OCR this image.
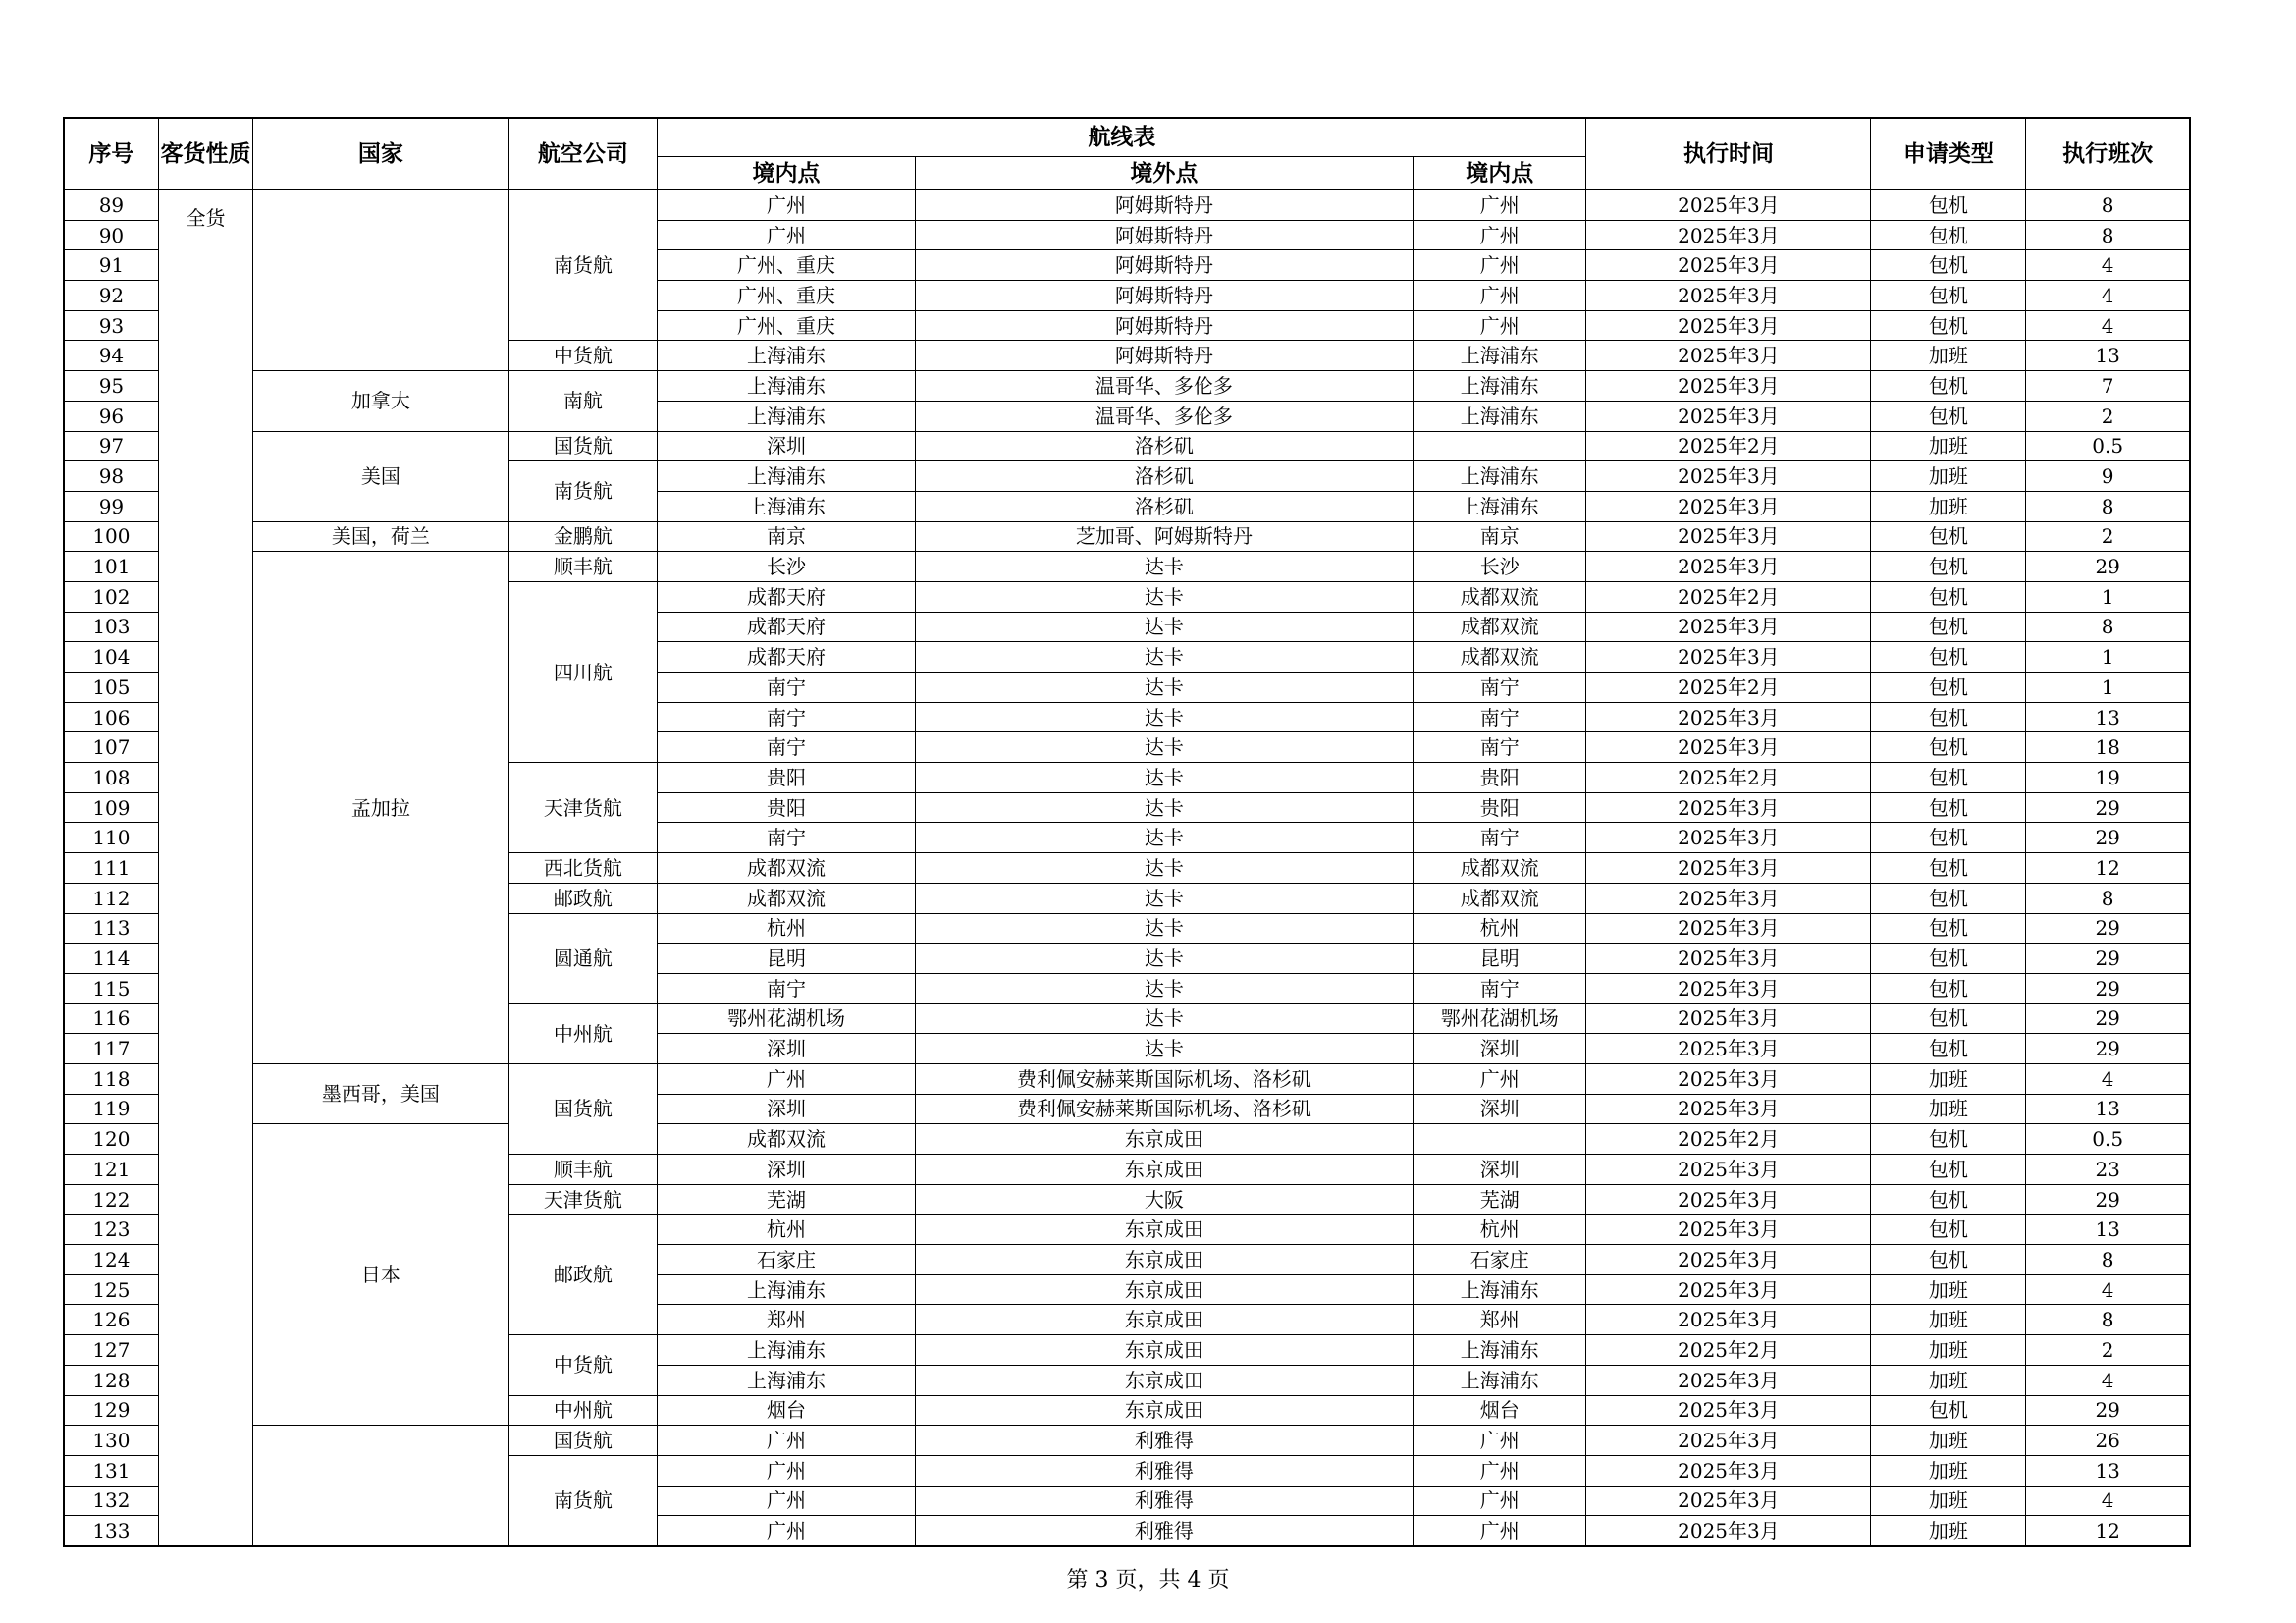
序号	客货性质	国家	航空公司	航线表			执行时间	申请类型	执行班次
				境内点	境外点	境内点			
89	全货		南货航	广州	阿姆斯特丹	广州	2025年3月	包机	8
90				广州	阿姆斯特丹	广州	2025年3月	包机	8
91				广州、重庆	阿姆斯特丹	广州	2025年3月	包机	4
92				广州、重庆	阿姆斯特丹	广州	2025年3月	包机	4
93				广州、重庆	阿姆斯特丹	广州	2025年3月	包机	4
94			中货航	上海浦东	阿姆斯特丹	上海浦东	2025年3月	加班	13
95		加拿大	南航	上海浦东	温哥华、多伦多	上海浦东	2025年3月	包机	7
96				上海浦东	温哥华、多伦多	上海浦东	2025年3月	包机	2
97		美国	国货航	深圳	洛杉矶		2025年2月	加班	0.5
98			南货航	上海浦东	洛杉矶	上海浦东	2025年3月	加班	9
99				上海浦东	洛杉矶	上海浦东	2025年3月	加班	8
100		美国，荷兰	金鹏航	南京	芝加哥、阿姆斯特丹	南京	2025年3月	包机	2
101		孟加拉	顺丰航	长沙	达卡	长沙	2025年3月	包机	29
102			四川航	成都天府	达卡	成都双流	2025年2月	包机	1
103				成都天府	达卡	成都双流	2025年3月	包机	8
104				成都天府	达卡	成都双流	2025年3月	包机	1
105				南宁	达卡	南宁	2025年2月	包机	1
106				南宁	达卡	南宁	2025年3月	包机	13
107				南宁	达卡	南宁	2025年3月	包机	18
108			天津货航	贵阳	达卡	贵阳	2025年2月	包机	19
109				贵阳	达卡	贵阳	2025年3月	包机	29
110				南宁	达卡	南宁	2025年3月	包机	29
111			西北货航	成都双流	达卡	成都双流	2025年3月	包机	12
112			邮政航	成都双流	达卡	成都双流	2025年3月	包机	8
113			圆通航	杭州	达卡	杭州	2025年3月	包机	29
114				昆明	达卡	昆明	2025年3月	包机	29
115				南宁	达卡	南宁	2025年3月	包机	29
116			中州航	鄂州花湖机场	达卡	鄂州花湖机场	2025年3月	包机	29
117				深圳	达卡	深圳	2025年3月	包机	29
118		墨西哥，美国	国货航	广州	费利佩安赫莱斯国际机场、洛杉矶	广州	2025年3月	加班	4
119				深圳	费利佩安赫莱斯国际机场、洛杉矶	深圳	2025年3月	加班	13
120		日本		成都双流	东京成田		2025年2月	包机	0.5
121			顺丰航	深圳	东京成田	深圳	2025年3月	包机	23
122			天津货航	芜湖	大阪	芜湖	2025年3月	包机	29
123			邮政航	杭州	东京成田	杭州	2025年3月	包机	13
124				石家庄	东京成田	石家庄	2025年3月	包机	8
125				上海浦东	东京成田	上海浦东	2025年3月	加班	4
126				郑州	东京成田	郑州	2025年3月	加班	8
127			中货航	上海浦东	东京成田	上海浦东	2025年2月	加班	2
128				上海浦东	东京成田	上海浦东	2025年3月	加班	4
129			中州航	烟台	东京成田	烟台	2025年3月	包机	29
130			国货航	广州	利雅得	广州	2025年3月	加班	26
131			南货航	广州	利雅得	广州	2025年3月	加班	13
132				广州	利雅得	广州	2025年3月	加班	4
133				广州	利雅得	广州	2025年3月	加班	12
第 3 页，共 4 页
